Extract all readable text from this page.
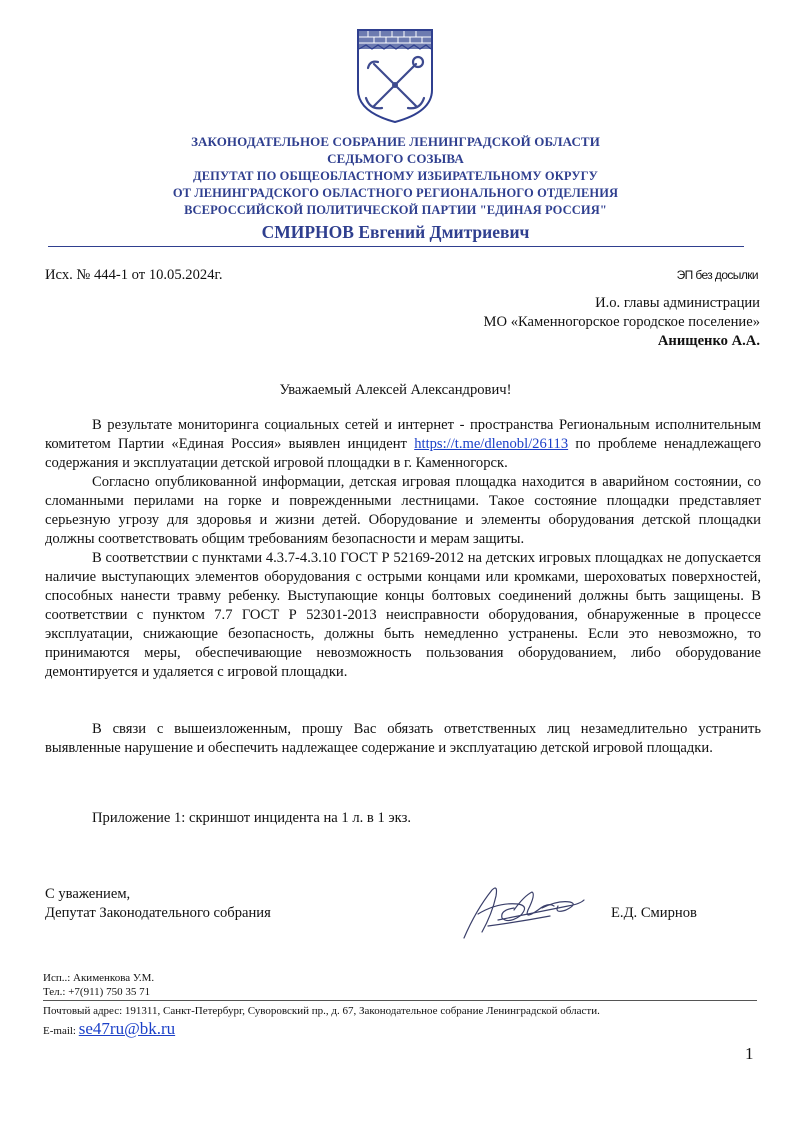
ЗАКОНОДАТЕЛЬНОЕ СОБРАНИЕ ЛЕНИНГРАДСКОЙ ОБЛАСТИ
СЕДЬМОГО СОЗЫВА
ДЕПУТАТ ПО ОБЩЕОБЛАСТНОМУ ИЗБИРАТЕЛЬНОМУ ОКРУГУ
ОТ ЛЕНИНГРАДСКОГО ОБЛАСТНОГО РЕГИОНАЛЬНОГО ОТДЕЛЕНИЯ
ВСЕРОССИЙСКОЙ ПОЛИТИЧЕСКОЙ ПАРТИИ "ЕДИНАЯ РОССИЯ"
СМИРНОВ Евгений Дмитриевич
Исх. № 444-1 от 10.05.2024г.	ЭП без досылки
И.о. главы администрации
МО «Каменногорское городское поселение»
Анищенко А.А.
Уважаемый Алексей Александрович!

В результате мониторинга социальных сетей и интернет - пространства Региональным исполнительным комитетом Партии «Единая Россия» выявлен инцидент https://t.me/dlenobl/26113 по проблеме ненадлежащего содержания и эксплуатации детской игровой площадки в г. Каменногорск.

Согласно опубликованной информации, детская игровая площадка находится в аварийном состоянии, со сломанными перилами на горке и поврежденными лестницами. Такое состояние площадки представляет серьезную угрозу для здоровья и жизни детей. Оборудование и элементы оборудования детской площадки должны соответствовать общим требованиям безопасности и мерам защиты.

В соответствии с пунктами 4.3.7-4.3.10 ГОСТ Р 52169-2012 на детских игровых площадках не допускается наличие выступающих элементов оборудования с острыми концами или кромками, шероховатых поверхностей, способных нанести травму ребенку. Выступающие концы болтовых соединений должны быть защищены. В соответствии с пунктом 7.7 ГОСТ Р 52301-2013 неисправности оборудования, обнаруженные в процессе эксплуатации, снижающие безопасность, должны быть немедленно устранены. Если это невозможно, то принимаются меры, обеспечивающие невозможность пользования оборудованием, либо оборудование демонтируется и удаляется с игровой площадки.

В связи с вышеизложенным, прошу Вас обязать ответственных лиц незамедлительно устранить выявленные нарушение и обеспечить надлежащее содержание и эксплуатацию детской игровой площадки.

Приложение 1: скриншот инцидента на 1 л. в 1 экз.
С уважением,
Депутат Законодательного собрания	Е.Д. Смирнов
Исп..: Акименкова У.М.
Тел.: +7(911) 750 35 71
Почтовый адрес: 191311, Санкт-Петербург, Суворовский пр., д. 67, Законодательное собрание Ленинградской области.
E-mail: se47ru@bk.ru
1
